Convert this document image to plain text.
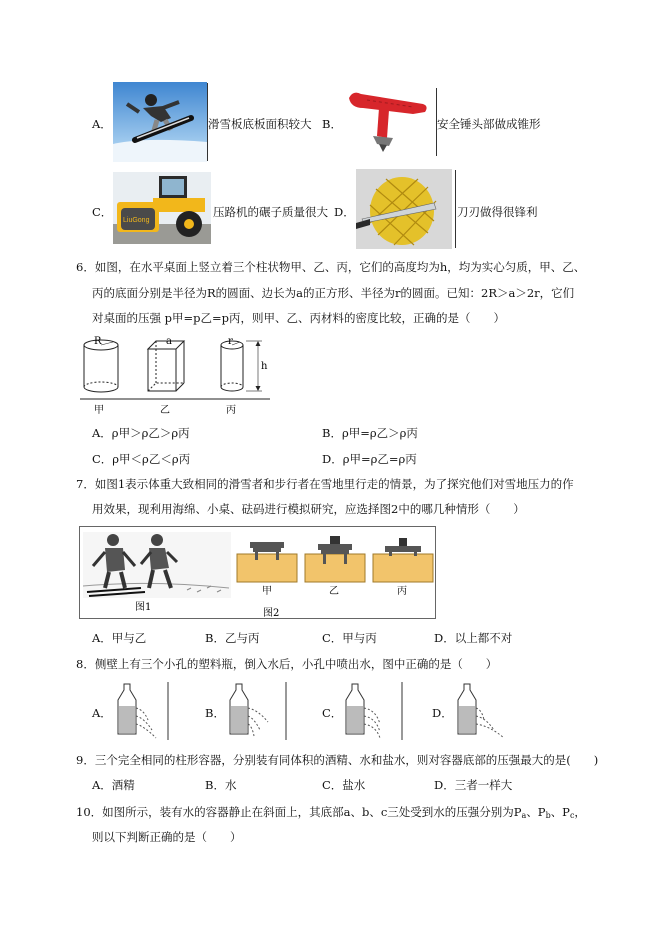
A．	滑雪板底板面积较大 B．	安全锤头部做成锥形
C．
LiuGong
压路机的碾子质量很大 D．	刀刃做得很锋利
6．如图，在水平桌面上竖立着三个柱状物甲、乙、丙，它们的高度均为h，均为实心匀质，甲、乙、
丙的底面分别是半径为R的圆面、边长为a的正方形、半径为r的圆面。已知：2R＞a＞2r，它们
对桌面的压强 p甲=p乙=p丙，则甲、乙、丙材料的密度比较，正确的是（　　）
R	a	r
h
甲	乙	丙
A．ρ甲＞ρ乙＞ρ丙	B．ρ甲=ρ乙＞ρ丙
C．ρ甲＜ρ乙＜ρ丙	D．ρ甲=ρ乙=ρ丙
7．如图1表示体重大致相同的滑雪者和步行者在雪地里行走的情景，为了探究他们对雪地压力的作
用效果，现利用海绵、小桌、砝码进行模拟研究，应选择图2中的哪几种情形（　　）
图1
图2
甲	乙	丙
A．甲与乙	B．乙与丙	C．甲与丙	D．以上都不对
8．侧壁上有三个小孔的塑料瓶，倒入水后，小孔中喷出水，图中正确的是（　　）
A．	B．	C．	D．
9．三个完全相同的柱形容器，分别装有同体积的酒精、水和盐水，则对容器底部的压强最大的是(　　)
A．酒精	B．水	C．盐水	D．三者一样大
10．如图所示，装有水的容器静止在斜面上，其底部a、b、c三处受到水的压强分别为$P_a$、$P_b$、$P_c$，
则以下判断正确的是（　　）
